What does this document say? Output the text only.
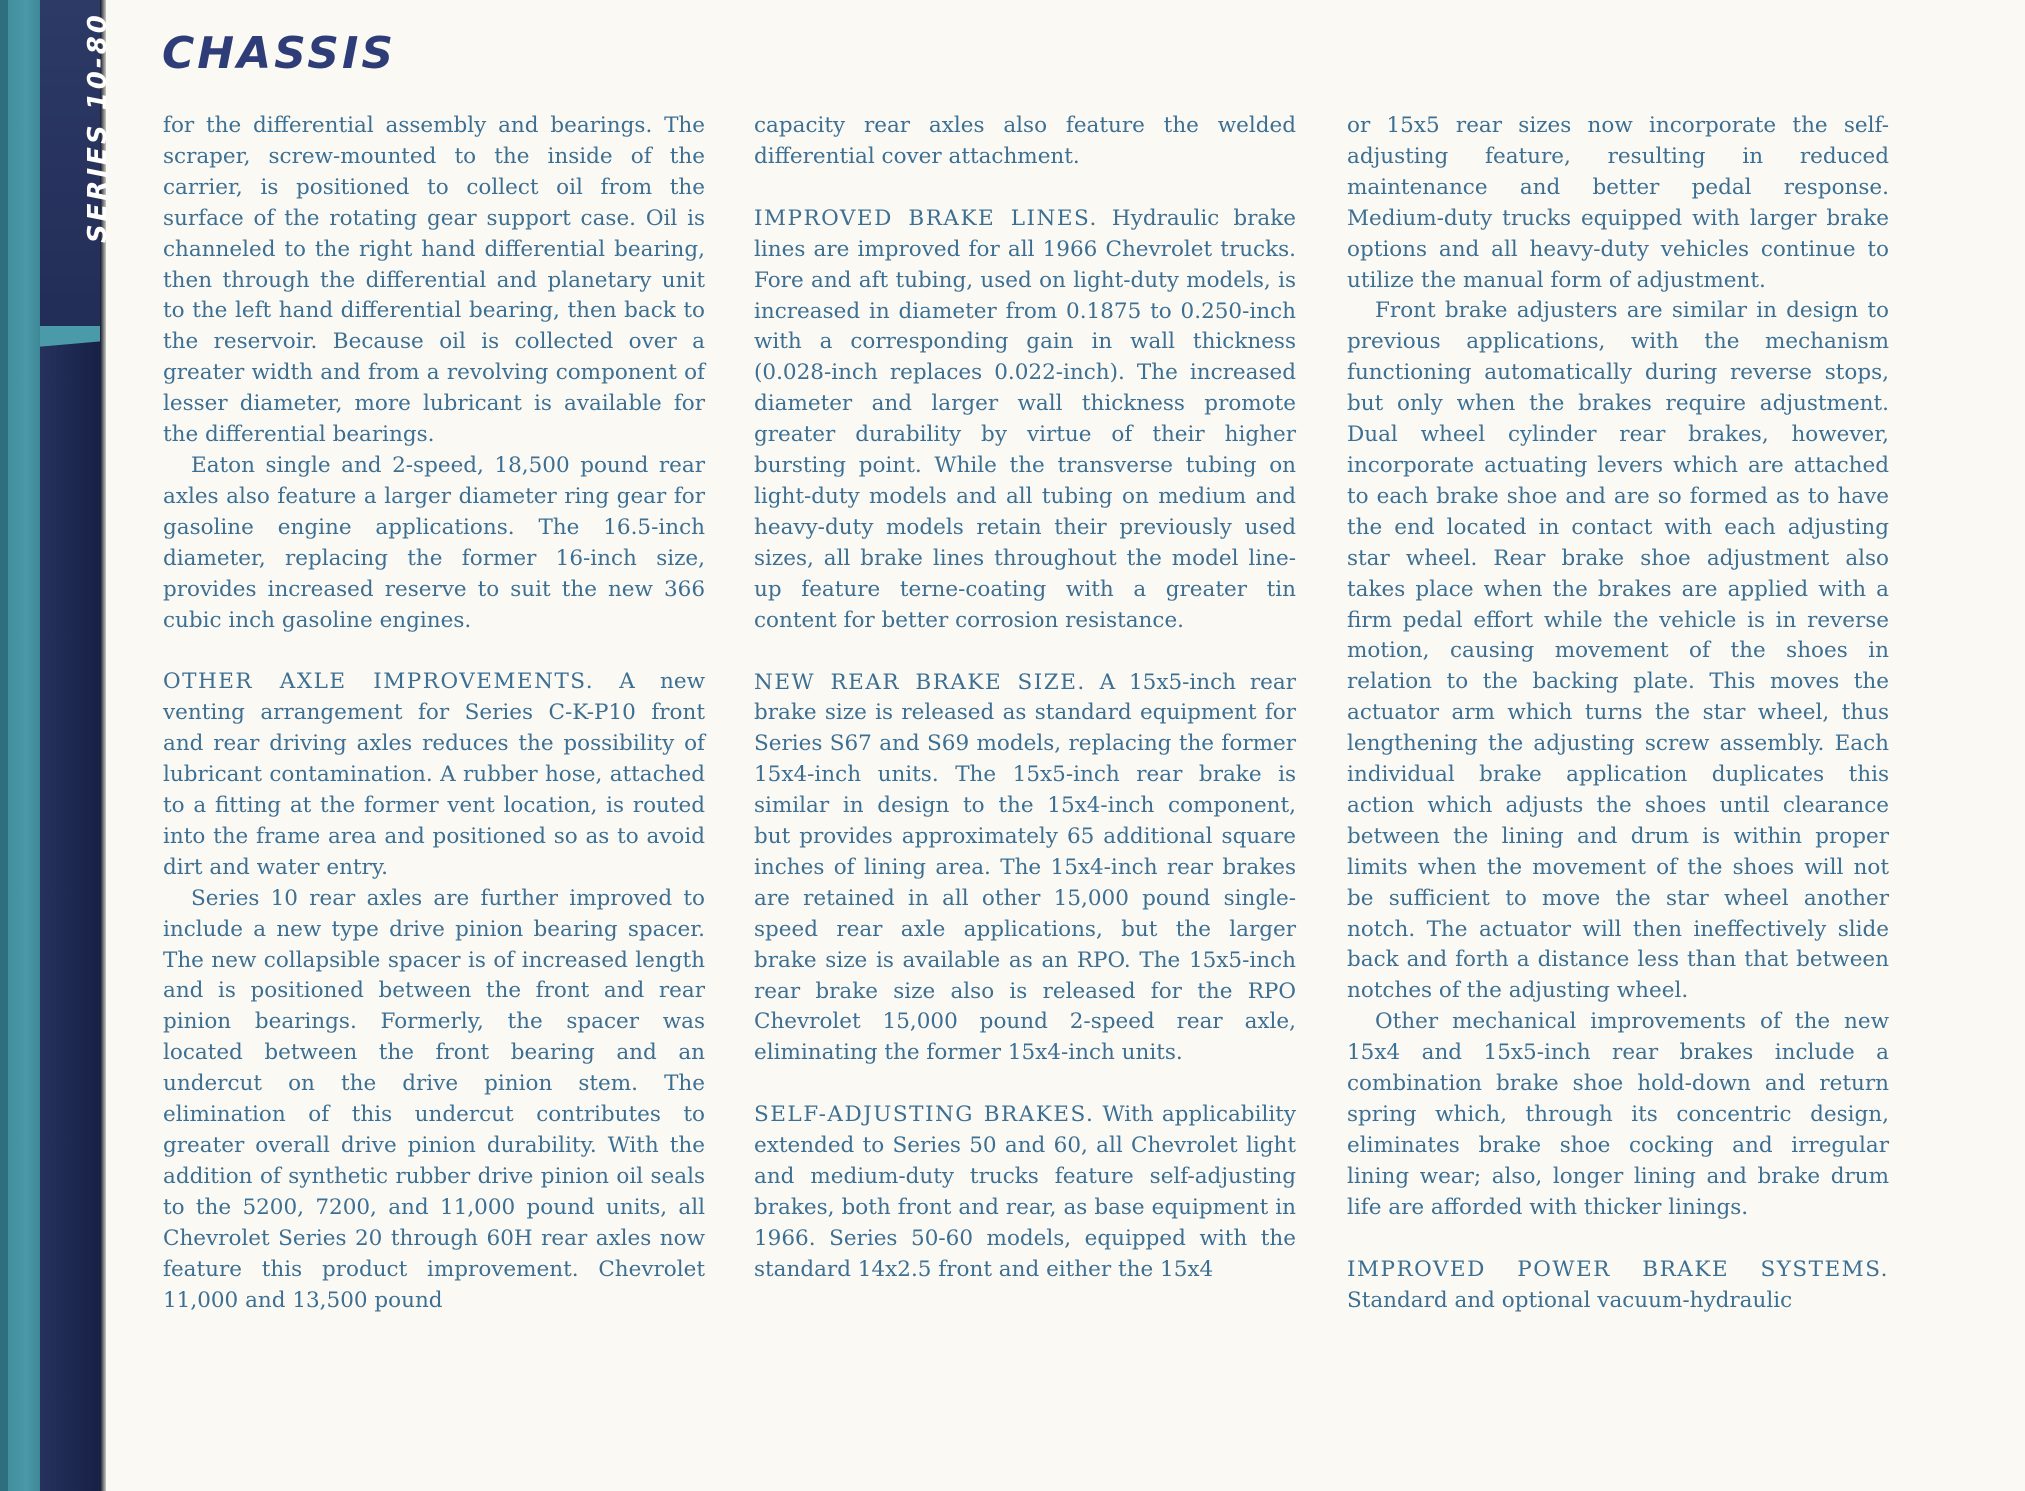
SERIES 10-80 CHASSIS

for the differential assembly and bearings. The scraper, screw-mounted to the inside of the carrier, is positioned to collect oil from the surface of the rotating gear support case. Oil is channeled to the right hand differential bearing, then through the differential and planetary unit to the left hand differential bearing, then back to the reservoir. Because oil is collected over a greater width and from a revolving component of lesser diameter, more lubricant is available for the differential bearings.

Eaton single and 2-speed, 18,500 pound rear axles also feature a larger diameter ring gear for gasoline engine applications. The 16.5-inch diameter, replacing the former 16-inch size, provides increased reserve to suit the new 366 cubic inch gasoline engines.

OTHER AXLE IMPROVEMENTS. A new venting arrangement for Series C-K-P10 front and rear driving axles reduces the possibility of lubricant contamination. A rubber hose, attached to a fitting at the former vent location, is routed into the frame area and positioned so as to avoid dirt and water entry.

Series 10 rear axles are further improved to include a new type drive pinion bearing spacer. The new collapsible spacer is of increased length and is positioned between the front and rear pinion bearings. Formerly, the spacer was located between the front bearing and an undercut on the drive pinion stem. The elimination of this undercut contributes to greater overall drive pinion durability. With the addition of synthetic rubber drive pinion oil seals to the 5200, 7200, and 11,000 pound units, all Chevrolet Series 20 through 60H rear axles now feature this product improvement. Chevrolet 11,000 and 13,500 pound

capacity rear axles also feature the welded differential cover attachment.

IMPROVED BRAKE LINES. Hydraulic brake lines are improved for all 1966 Chevrolet trucks. Fore and aft tubing, used on light-duty models, is increased in diameter from 0.1875 to 0.250-inch with a corresponding gain in wall thickness (0.028-inch replaces 0.022-inch). The increased diameter and larger wall thickness promote greater durability by virtue of their higher bursting point. While the transverse tubing on light-duty models and all tubing on medium and heavy-duty models retain their previously used sizes, all brake lines throughout the model line-up feature terne-coating with a greater tin content for better corrosion resistance.

NEW REAR BRAKE SIZE. A 15x5-inch rear brake size is released as standard equipment for Series S67 and S69 models, replacing the former 15x4-inch units. The 15x5-inch rear brake is similar in design to the 15x4-inch component, but provides approximately 65 additional square inches of lining area. The 15x4-inch rear brakes are retained in all other 15,000 pound single-speed rear axle applications, but the larger brake size is available as an RPO. The 15x5-inch rear brake size also is released for the RPO Chevrolet 15,000 pound 2-speed rear axle, eliminating the former 15x4-inch units.

SELF-ADJUSTING BRAKES. With applicability extended to Series 50 and 60, all Chevrolet light and medium-duty trucks feature self-adjusting brakes, both front and rear, as base equipment in 1966. Series 50-60 models, equipped with the standard 14x2.5 front and either the 15x4

or 15x5 rear sizes now incorporate the self-adjusting feature, resulting in reduced maintenance and better pedal response. Medium-duty trucks equipped with larger brake options and all heavy-duty vehicles continue to utilize the manual form of adjustment.

Front brake adjusters are similar in design to previous applications, with the mechanism functioning automatically during reverse stops, but only when the brakes require adjustment. Dual wheel cylinder rear brakes, however, incorporate actuating levers which are attached to each brake shoe and are so formed as to have the end located in contact with each adjusting star wheel. Rear brake shoe adjustment also takes place when the brakes are applied with a firm pedal effort while the vehicle is in reverse motion, causing movement of the shoes in relation to the backing plate. This moves the actuator arm which turns the star wheel, thus lengthening the adjusting screw assembly. Each individual brake application duplicates this action which adjusts the shoes until clearance between the lining and drum is within proper limits when the movement of the shoes will not be sufficient to move the star wheel another notch. The actuator will then ineffectively slide back and forth a distance less than that between notches of the adjusting wheel.

Other mechanical improvements of the new 15x4 and 15x5-inch rear brakes include a combination brake shoe hold-down and return spring which, through its concentric design, eliminates brake shoe cocking and irregular lining wear; also, longer lining and brake drum life are afforded with thicker linings.

IMPROVED POWER BRAKE SYSTEMS. Standard and optional vacuum-hydraulic
